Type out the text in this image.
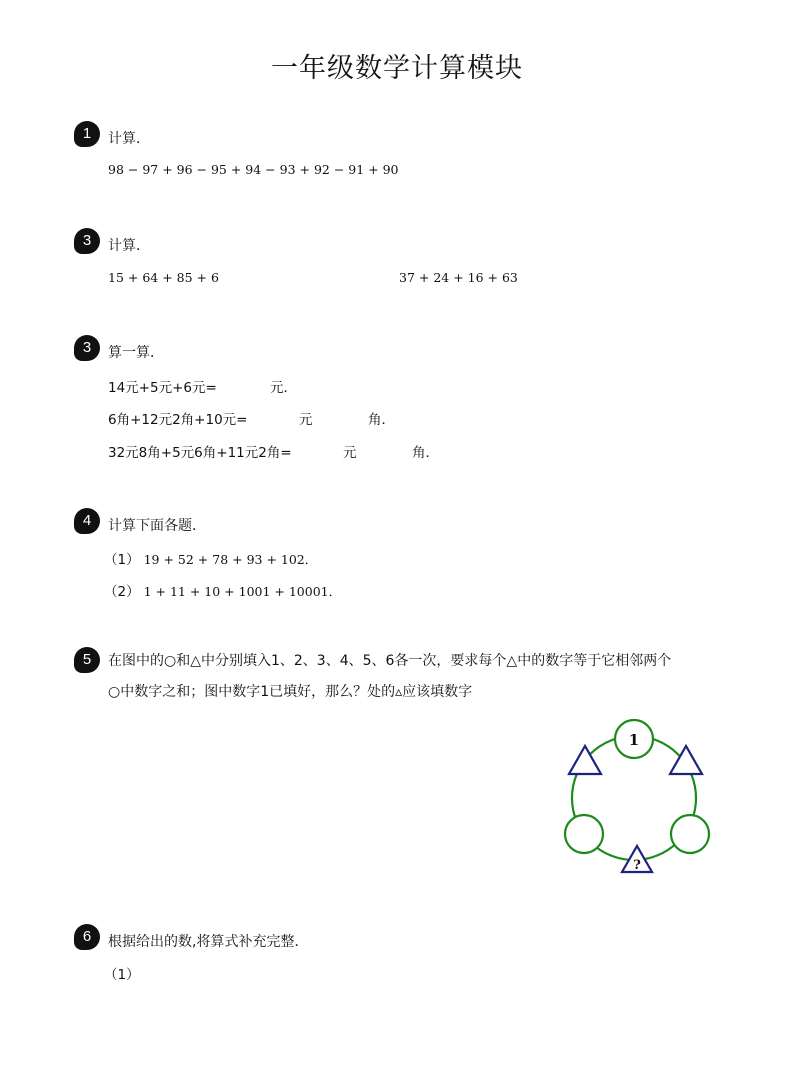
一年级数学计算模块
1	计算．
98 − 97 + 96 − 95 + 94 − 93 + 92 − 91 + 90
3	计算．
15 + 64 + 85 + 6	37 + 24 + 16 + 63
3	算一算．
14元+5元+6元=	元．
6角+12元2角+10元=	元	角．
32元8角+5元6角+11元2角=	元	角．
4	计算下面各题．
（1） 19 + 52 + 78 + 93 + 102．
（2） 1 + 11 + 10 + 1001 + 10001．
5	在图中的○和△中分别填入1、2、3、4、5、6各一次，要求每个△中的数字等于它相邻两个
○中数字之和；图中数字1已填好，那么？处的▵应该填数字
1
?
6	根据给出的数,将算式补充完整．
（1）
